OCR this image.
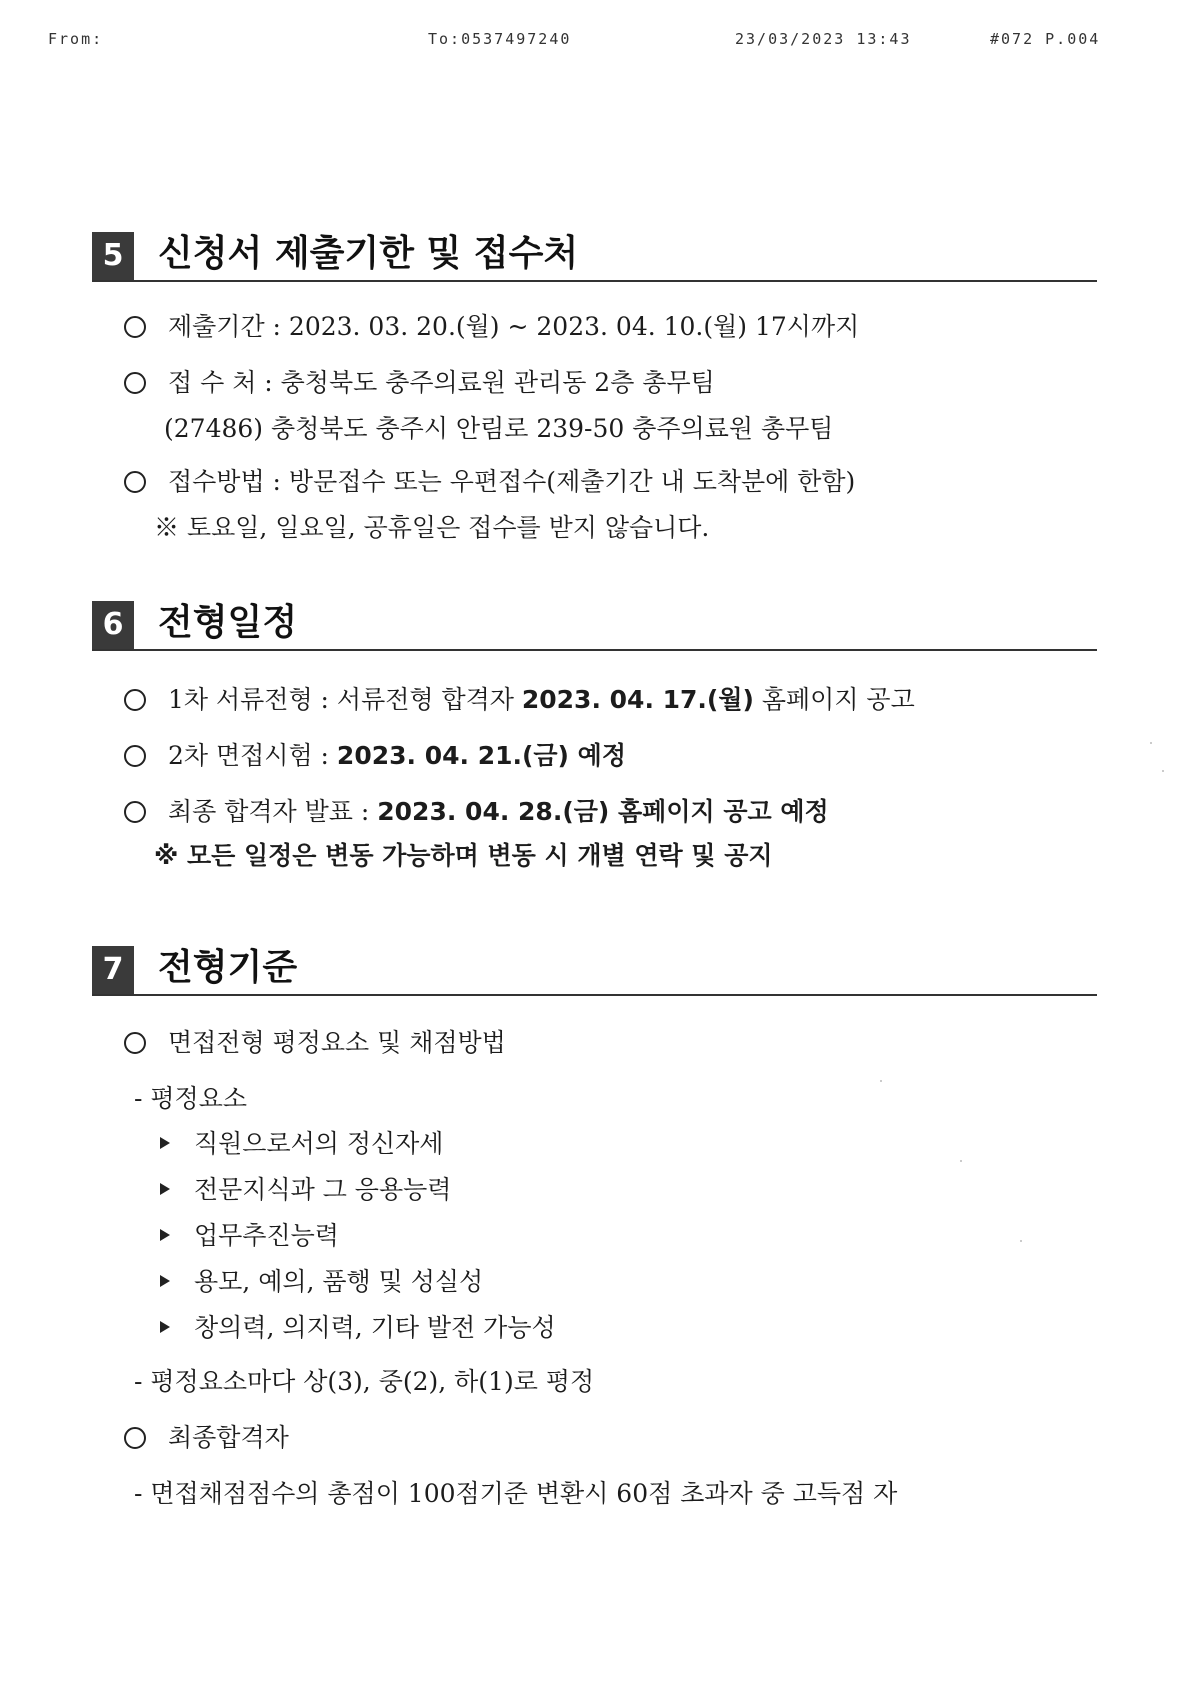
From:	To:0537497240	23/03/2023 13:43	#072 P.004
5 신청서 제출기한 및 접수처
제출기간 : 2023. 03. 20.(월) ~ 2023. 04. 10.(월) 17시까지
접 수 처 : 충청북도 충주의료원 관리동 2층 총무팀
(27486) 충청북도 충주시 안림로 239-50 충주의료원 총무팀
접수방법 : 방문접수 또는 우편접수(제출기간 내 도착분에 한함)
※ 토요일, 일요일, 공휴일은 접수를 받지 않습니다.
6 전형일정
1차 서류전형 : 서류전형 합격자 2023. 04. 17.(월) 홈페이지 공고
2차 면접시험 : 2023. 04. 21.(금) 예정
최종 합격자 발표 : 2023. 04. 28.(금) 홈페이지 공고 예정
※ 모든 일정은 변동 가능하며 변동 시 개별 연락 및 공지
7 전형기준
면접전형 평정요소 및 채점방법
- 평정요소
직원으로서의 정신자세
전문지식과 그 응용능력
업무추진능력
용모, 예의, 품행 및 성실성
창의력, 의지력, 기타 발전 가능성
- 평정요소마다 상(3), 중(2), 하(1)로 평정
최종합격자
- 면접채점점수의 총점이 100점기준 변환시 60점 초과자 중 고득점 자
